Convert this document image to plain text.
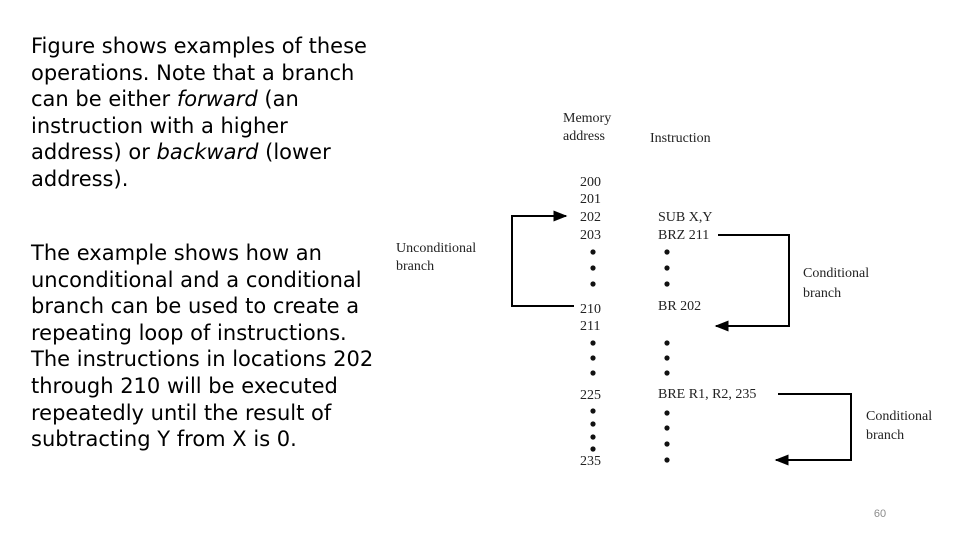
Figure shows examples of these operations. Note that a branch can be either forward (an instruction with a higher address) or backward (lower address).
The example shows how an unconditional and a conditional branch can be used to create a repeating loop of instructions. The instructions in locations 202 through 210 will be executed repeatedly until the result of subtracting Y from X is 0.
Memory
address	Instruction
200
201
202
203
210
211
225
235
SUB X,Y
BRZ 211
BR 202
BRE R1, R2, 235
Unconditional
branch	Conditional
branch
Conditional
branch
60
